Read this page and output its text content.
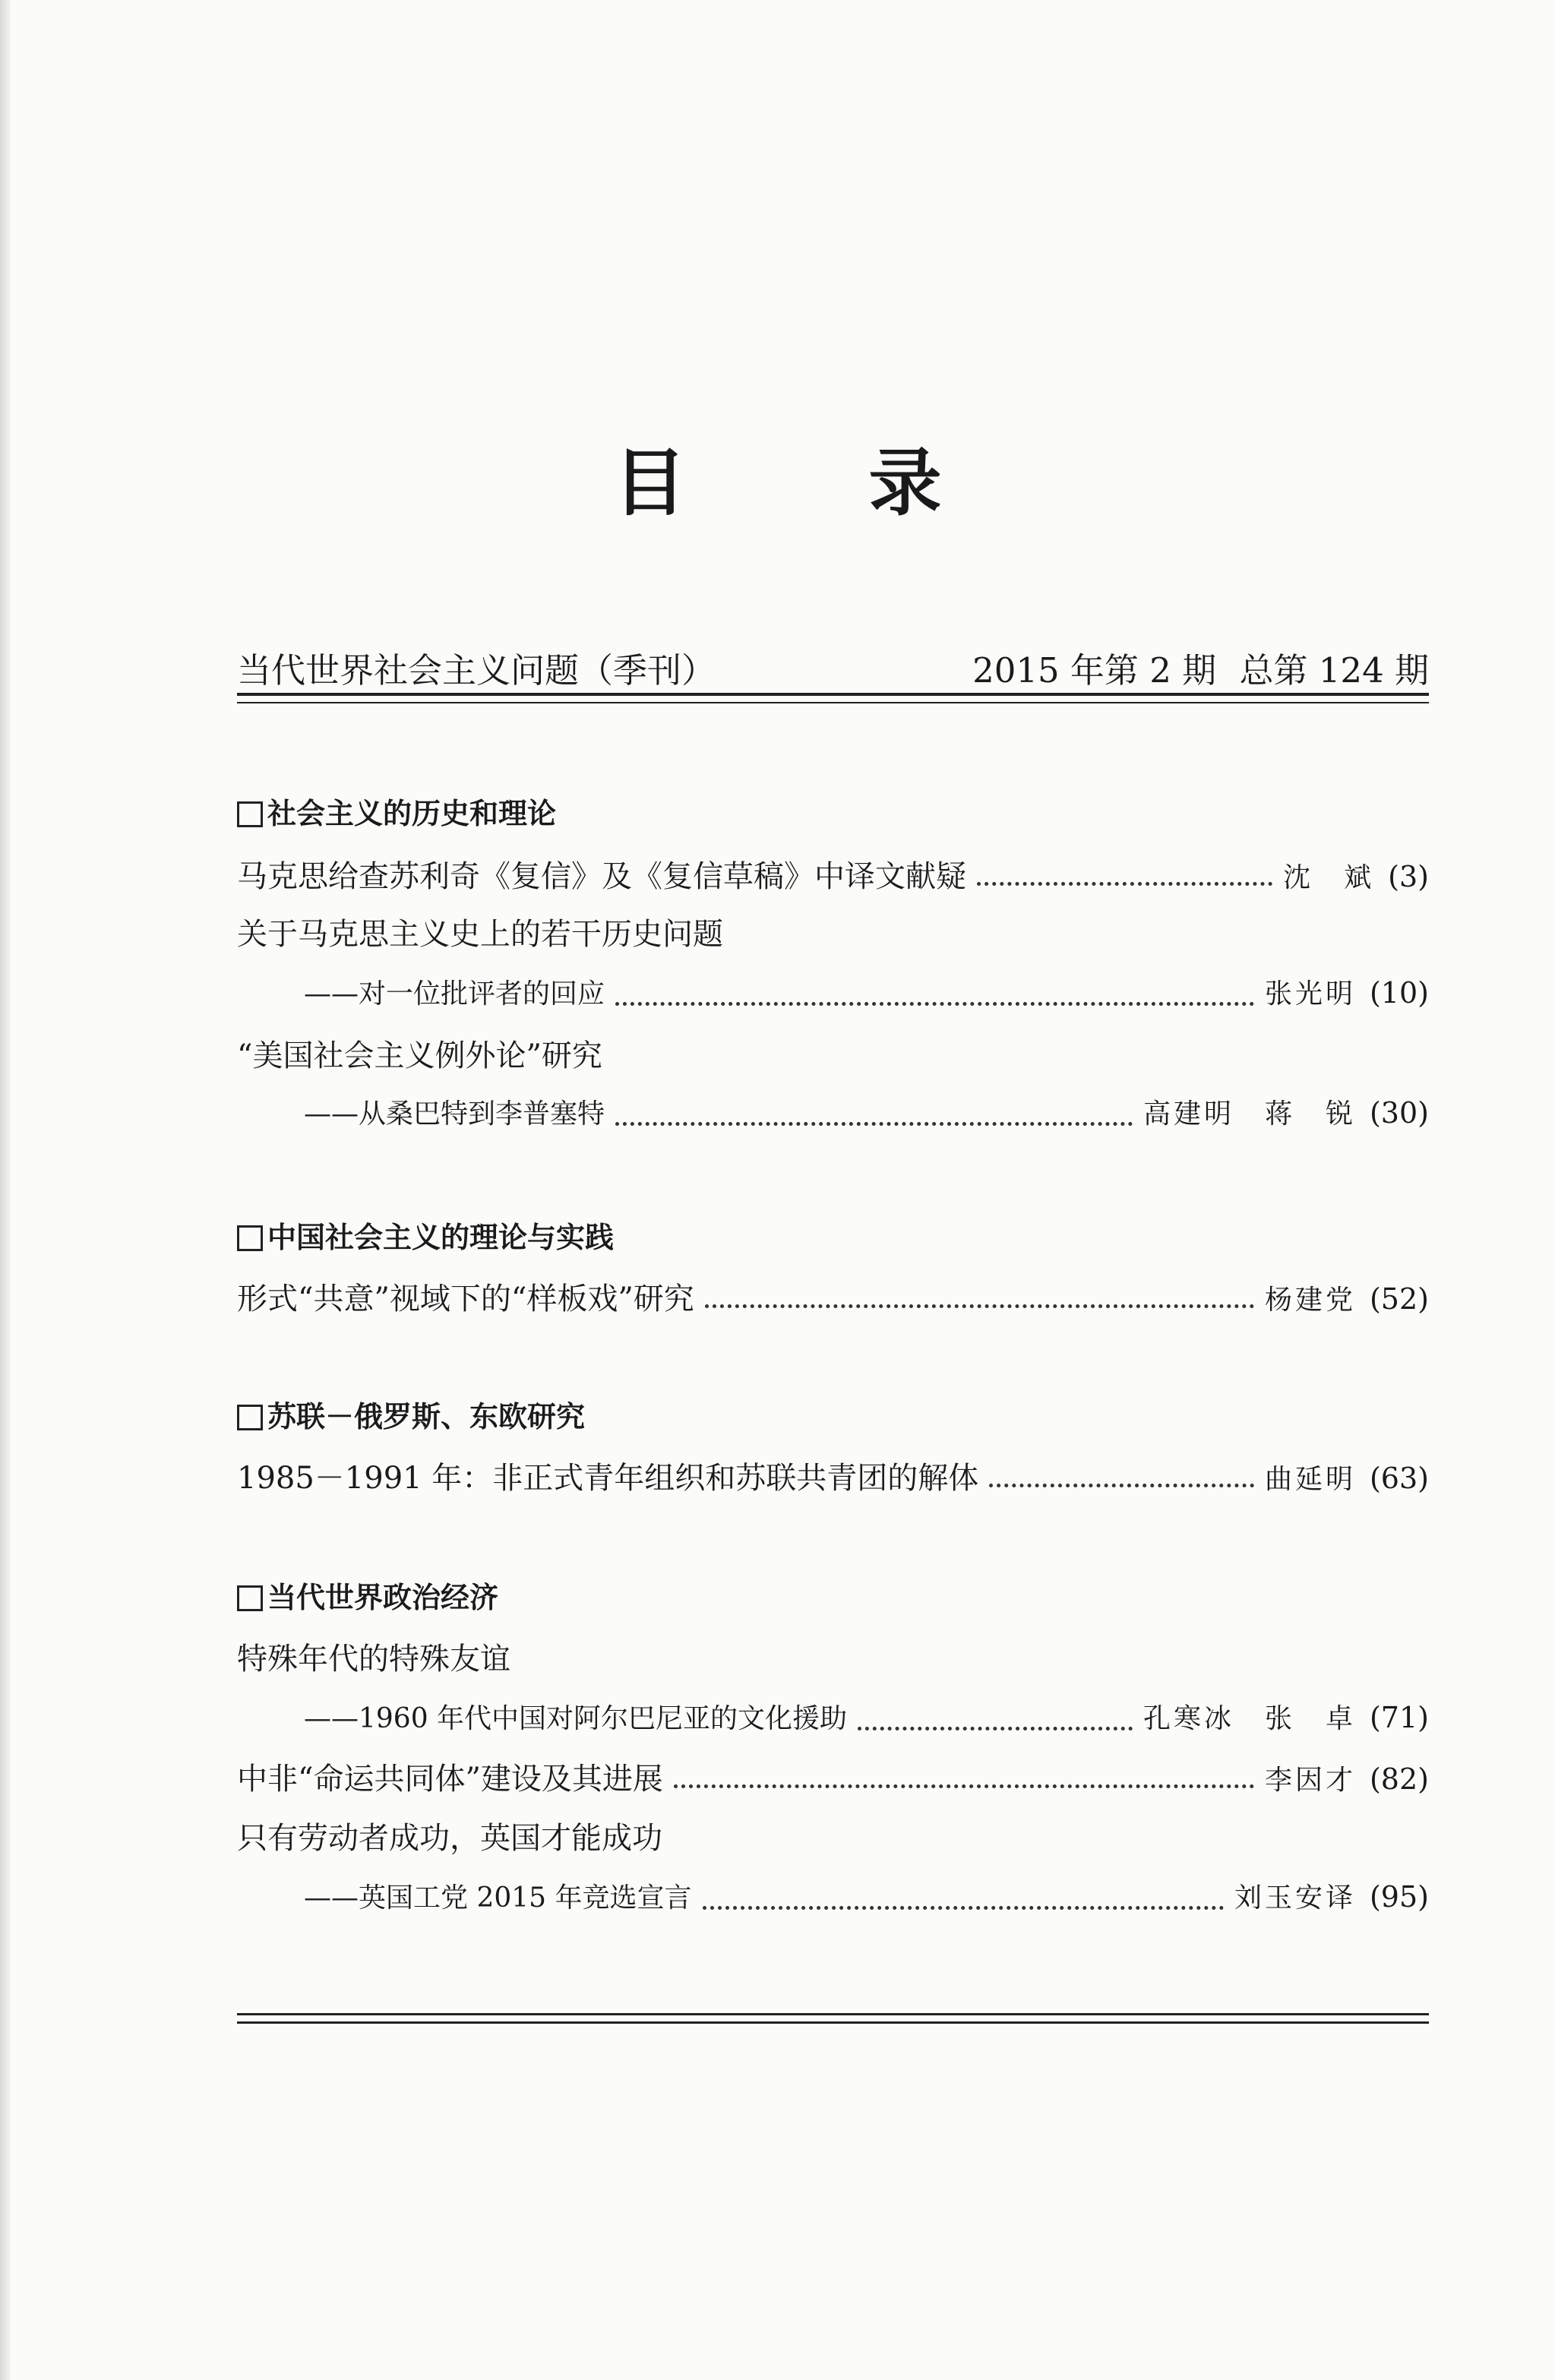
目	录
当代世界社会主义问题（季刊）	2015 年第 2 期 总第 124 期
社会主义的历史和理论
马克思给查苏利奇《复信》及《复信草稿》中译文献疑	沈　斌 (3)
关于马克思主义史上的若干历史问题
——对一位批评者的回应	张光明 (10)
“美国社会主义例外论”研究
——从桑巴特到李普塞特	高建明　蒋　锐 (30)
中国社会主义的理论与实践
形式“共意”视域下的“样板戏”研究	杨建党 (52)
苏联－俄罗斯、东欧研究
1985－1991 年：非正式青年组织和苏联共青团的解体	曲延明 (63)
当代世界政治经济
特殊年代的特殊友谊
——1960 年代中国对阿尔巴尼亚的文化援助	孔寒冰　张　卓 (71)
中非“命运共同体”建设及其进展	李因才 (82)
只有劳动者成功，英国才能成功
——英国工党 2015 年竞选宣言	刘玉安译 (95)
